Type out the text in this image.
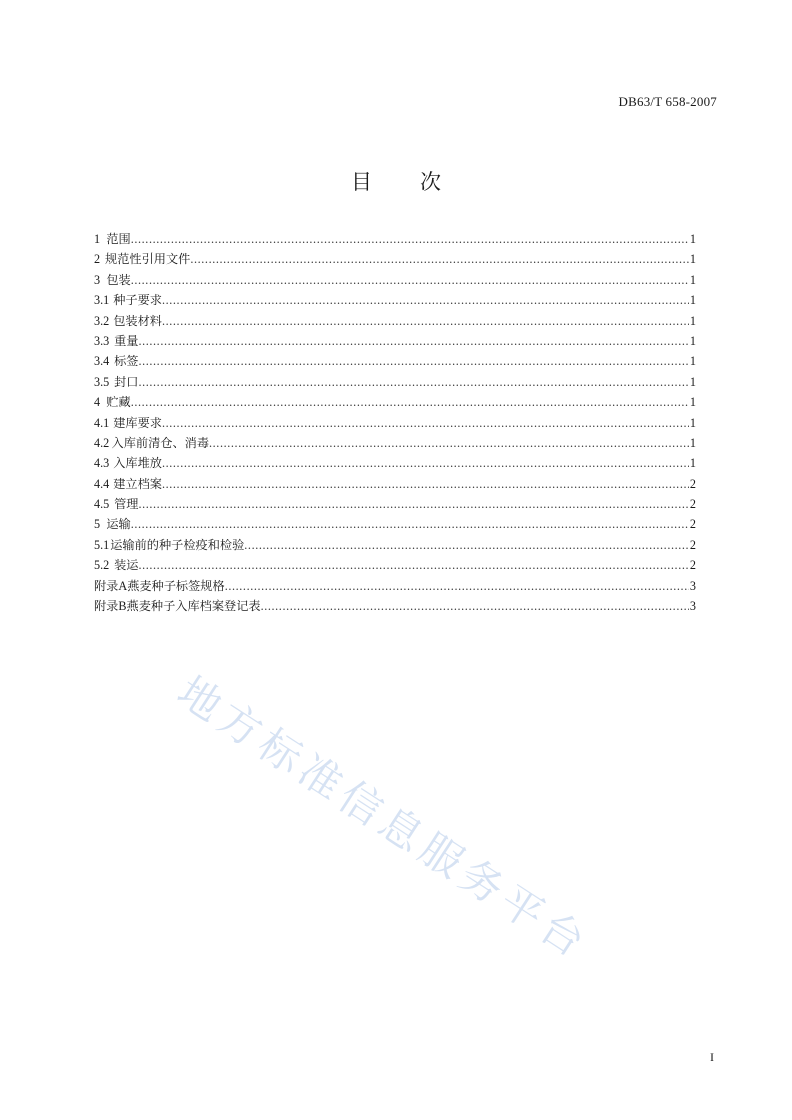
DB63/T 658-2007
目 次
1 范围 .....	1
2 规范性引用文件 .....	1
3 包装 .....	1
3.1 种子要求 .....	1
3.2 包装材料 .....	1
3.3 重量 .....	1
3.4 标签 .....	1
3.5 封口 .....	1
4 贮藏 .....	1
4.1 建库要求 .....	1
4.2 入库前清仓、消毒 .....	1
4.3 入库堆放 .....	1
4.4 建立档案 .....	2
4.5 管理 .....	2
5 运输 .....	2
5.1 运输前的种子检疫和检验 .....	2
5.2 装运 .....	2
附录A 燕麦种子标签规格 .....	3
附录B 燕麦种子入库档案登记表 .....	3
地方标准信息服务平台
I
